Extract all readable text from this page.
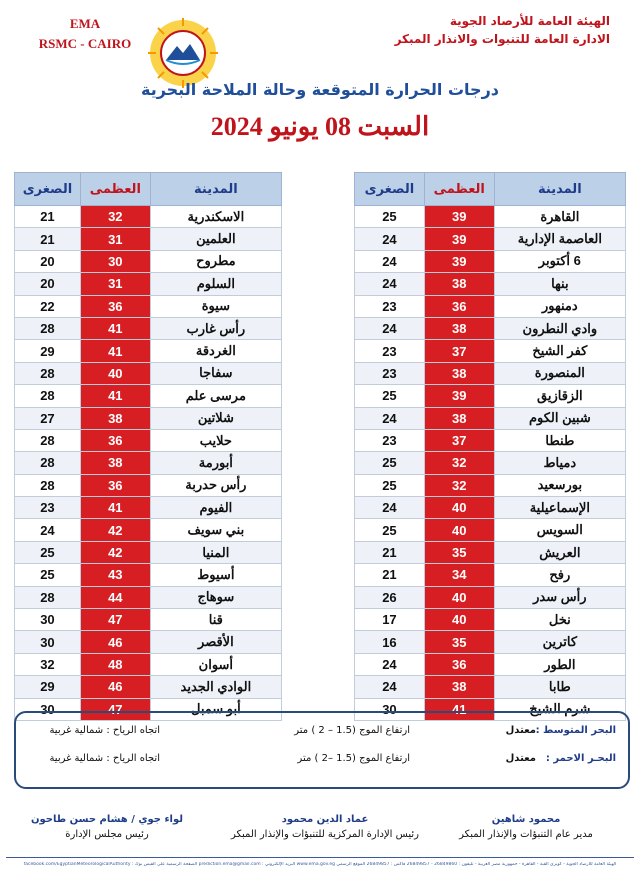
EMA
RSMC - CAIRO
الهيئة العامة للأرصاد الجوية
الادارة العامة للتنبوات والانذار المبكر
درجات الحرارة المتوقعة وحالة الملاحة البحرية
السبت 08 يونيو 2024
المدينة	العظمى	الصغرى
القاهرة	39	25
العاصمة الإدارية	39	24
6 أكتوبر	39	24
بنها	38	24
دمنهور	36	23
وادي النطرون	38	24
كفر الشيخ	37	23
المنصورة	38	23
الزقازيق	39	25
شبين الكوم	38	24
طنطا	37	23
دمياط	32	25
بورسعيد	32	25
الإسماعيلية	40	24
السويس	40	25
العريش	35	21
رفح	34	21
رأس سدر	40	26
نخل	40	17
كاترين	35	16
الطور	36	24
طابا	38	24
شرم الشيخ	41	30
المدينة	العظمى	الصغرى
الاسكندرية	32	21
العلمين	31	21
مطروح	30	20
السلوم	31	20
سيوة	36	22
رأس غارب	41	28
الغردقة	41	29
سفاجا	40	28
مرسى علم	41	28
شلاتين	38	27
حلايب	36	28
أبورمة	38	28
رأس حدربة	36	28
الفيوم	41	23
بني سويف	42	24
المنيا	42	25
أسيوط	43	25
سوهاج	44	28
قنا	47	30
الأقصر	46	30
أسوان	48	32
الوادي الجديد	46	29
أبو سمبل	47	30
البحر المتوسط :
معتدل
ارتفاع الموج (1.5 – 2 ) متر
اتجاه الرياح : شمالية غربية
البحـر الاحمر :
معتدل
ارتفاع الموج (1.5 –2 ) متر
اتجاه الرياح : شمالية غربية
محمود شاهين
مدير عام التنبؤات والإنذار المبكر
عماد الدين محمود
رئيس الإدارة المركزية للتنبؤات والإنذار المبكر
لواء جوي / هشام حسن طاحون
رئيس مجلس الإدارة
الهيئة العامة للأرصاد الجوية - كوبري القبة - القاهرة - جمهورية مصر العربية - تليفون : 26849860 - 26849857 فاكس : 26849857 الموقع الرسمي www.ema.gov.eg البريد الإلكتروني : prediction.ema@gmail.com الصفحة الرسمية على الفيس بوك : facebook.com/EgyptianMeteorologicalAuthority
